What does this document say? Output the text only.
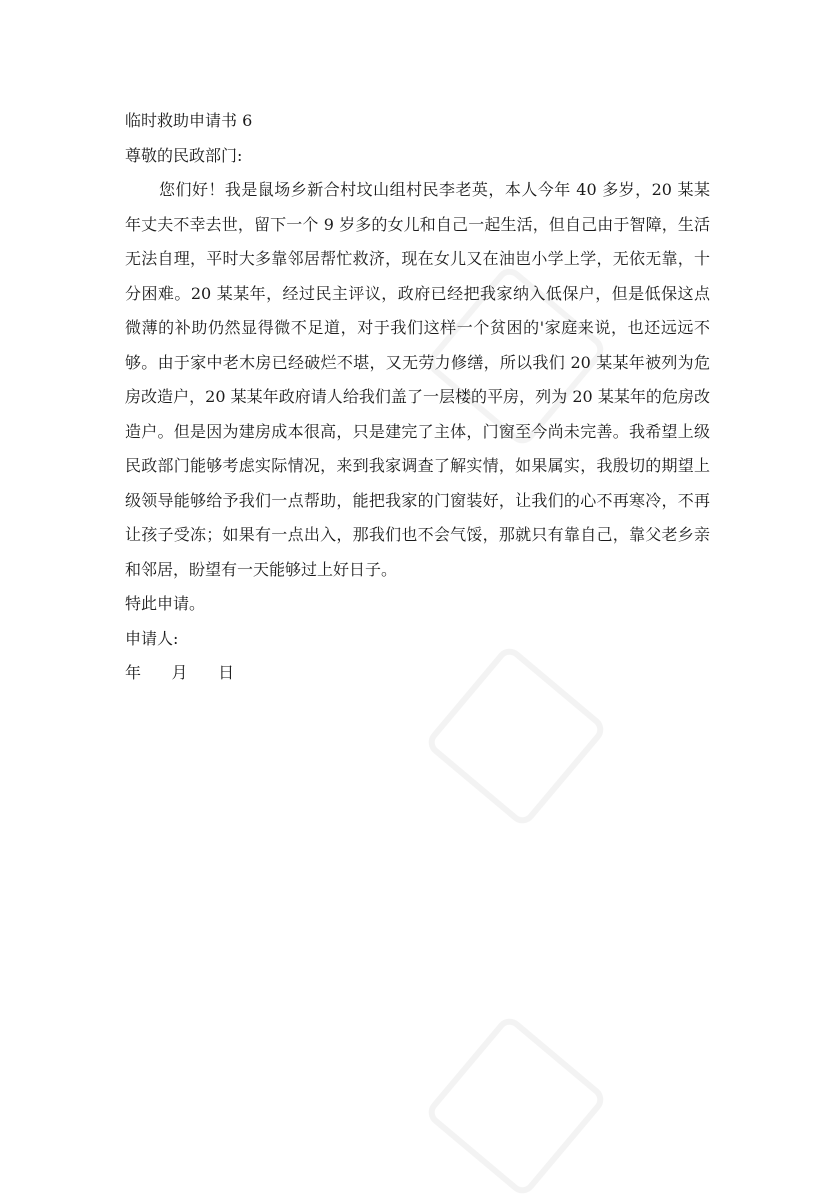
临时救助申请书 6

尊敬的民政部门:

您们好！我是鼠场乡新合村坟山组村民李老英，本人今年 40 多岁，20 某某年丈夫不幸去世，留下一个 9 岁多的女儿和自己一起生活，但自己由于智障，生活无法自理，平时大多靠邻居帮忙救济，现在女儿又在油岜小学上学，无依无靠，十分困难。20 某某年，经过民主评议，政府已经把我家纳入低保户，但是低保这点微薄的补助仍然显得微不足道，对于我们这样一个贫困的'家庭来说，也还远远不够。由于家中老木房已经破烂不堪，又无劳力修缮，所以我们 20 某某年被列为危房改造户，20 某某年政府请人给我们盖了一层楼的平房，列为 20 某某年的危房改造户。但是因为建房成本很高，只是建完了主体，门窗至今尚未完善。我希望上级民政部门能够考虑实际情况，来到我家调查了解实情，如果属实，我殷切的期望上级领导能够给予我们一点帮助，能把我家的门窗装好，让我们的心不再寒冷，不再让孩子受冻；如果有一点出入，那我们也不会气馁，那就只有靠自己，靠父老乡亲和邻居，盼望有一天能够过上好日子。

特此申请。

申请人:

年 月 日
